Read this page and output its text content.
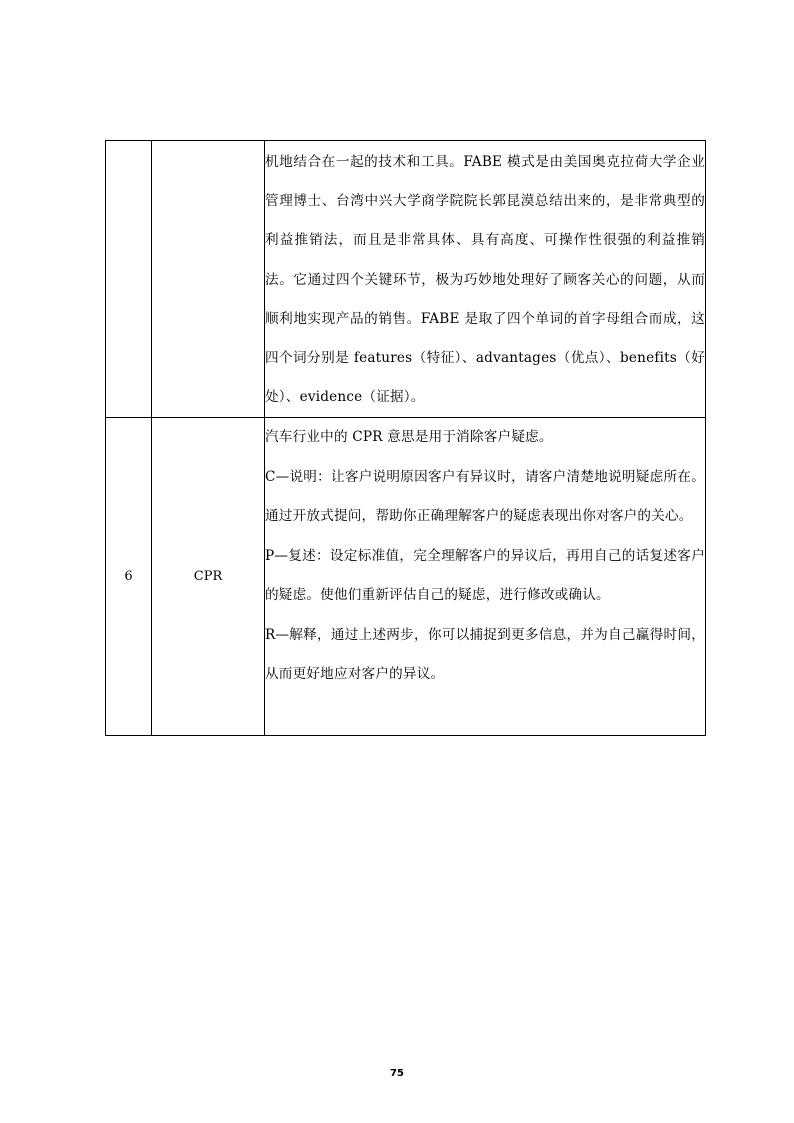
		机地结合在一起的技术和工具。FABE 模式是由美国奥克拉荷大学企业管理博士、台湾中兴大学商学院院长郭昆漠总结出来的，是非常典型的利益推销法，而且是非常具体、具有高度、可操作性很强的利益推销法。它通过四个关键环节，极为巧妙地处理好了顾客关心的问题，从而顺利地实现产品的销售。FABE 是取了四个单词的首字母组合而成，这四个词分别是 features（特征）、advantages（优点）、benefits（好处）、evidence（证据）。

6	CPR	汽车行业中的 CPR 意思是用于消除客户疑虑。
C—说明：让客户说明原因客户有异议时，请客户清楚地说明疑虑所在。通过开放式提问，帮助你正确理解客户的疑虑表现出你对客户的关心。
P—复述：设定标准值，完全理解客户的异议后，再用自己的话复述客户的疑虑。使他们重新评估自己的疑虑，进行修改或确认。
R—解释，通过上述两步，你可以捕捉到更多信息，并为自己赢得时间，从而更好地应对客户的异议。
75
